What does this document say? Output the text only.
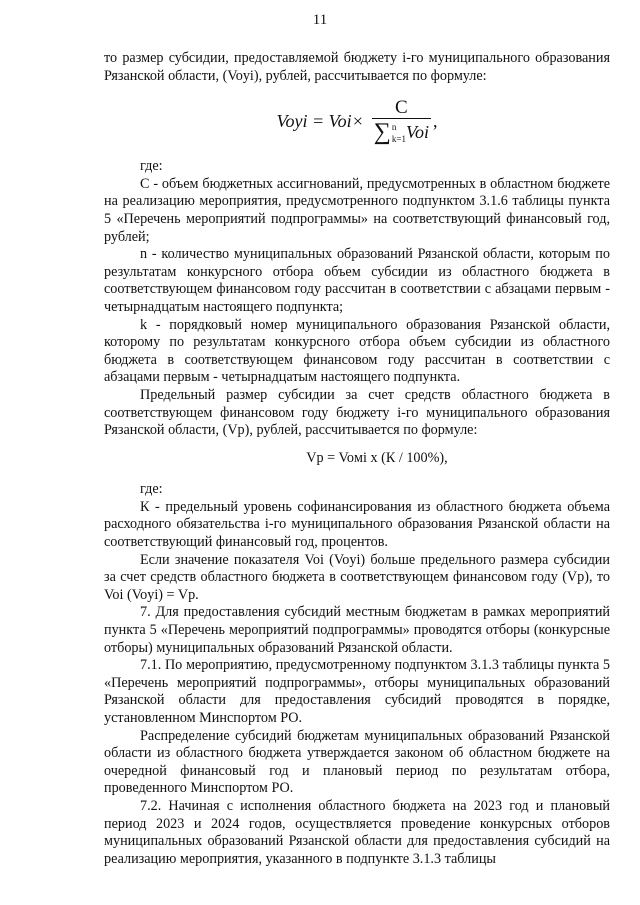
11

то размер субсидии, предоставляемой бюджету i-го муниципального образования Рязанской области, (Voyi), рублей, рассчитывается по формуле:

Voyi = Voi×
C
∑ n
k=1 Voi
,

где:

С - объем бюджетных ассигнований, предусмотренных в областном бюджете на реализацию мероприятия, предусмотренного подпунктом 3.1.6 таблицы пункта 5 «Перечень мероприятий подпрограммы» на соответствующий финансовый год, рублей;

n - количество муниципальных образований Рязанской области, которым по результатам конкурсного отбора объем субсидии из областного бюджета в соответствующем финансовом году рассчитан в соответствии с абзацами первым - четырнадцатым настоящего подпункта;

k - порядковый номер муниципального образования Рязанской области, которому по результатам конкурсного отбора объем субсидии из областного бюджета в соответствующем финансовом году рассчитан в соответствии с абзацами первым - четырнадцатым настоящего подпункта.

Предельный размер субсидии за счет средств областного бюджета в соответствующем финансовом году бюджету i-го муниципального образования Рязанской области, (Vp), рублей, рассчитывается по формуле:

Vp = Voмi х (К / 100%),

где:

К - предельный уровень софинансирования из областного бюджета объема расходного обязательства i-го муниципального образования Рязанской области на соответствующий финансовый год, процентов.

Если значение показателя Voi (Voyi) больше предельного размера субсидии за счет средств областного бюджета в соответствующем финансовом году (Vp), то Voi (Voyi) = Vp.

7. Для предоставления субсидий местным бюджетам в рамках мероприятий пункта 5 «Перечень мероприятий подпрограммы» проводятся отборы (конкурсные отборы) муниципальных образований Рязанской области.

7.1. По мероприятию, предусмотренному подпунктом 3.1.3 таблицы пункта 5 «Перечень мероприятий подпрограммы», отборы муниципальных образований Рязанской области для предоставления субсидий проводятся в порядке, установленном Минспортом РО.

Распределение субсидий бюджетам муниципальных образований Рязанской области из областного бюджета утверждается законом об областном бюджете на очередной финансовый год и плановый период по результатам отбора, проведенного Минспортом РО.

7.2. Начиная с исполнения областного бюджета на 2023 год и плановый период 2023 и 2024 годов, осуществляется проведение конкурсных отборов муниципальных образований Рязанской области для предоставления субсидий на реализацию мероприятия, указанного в подпункте 3.1.3 таблицы
